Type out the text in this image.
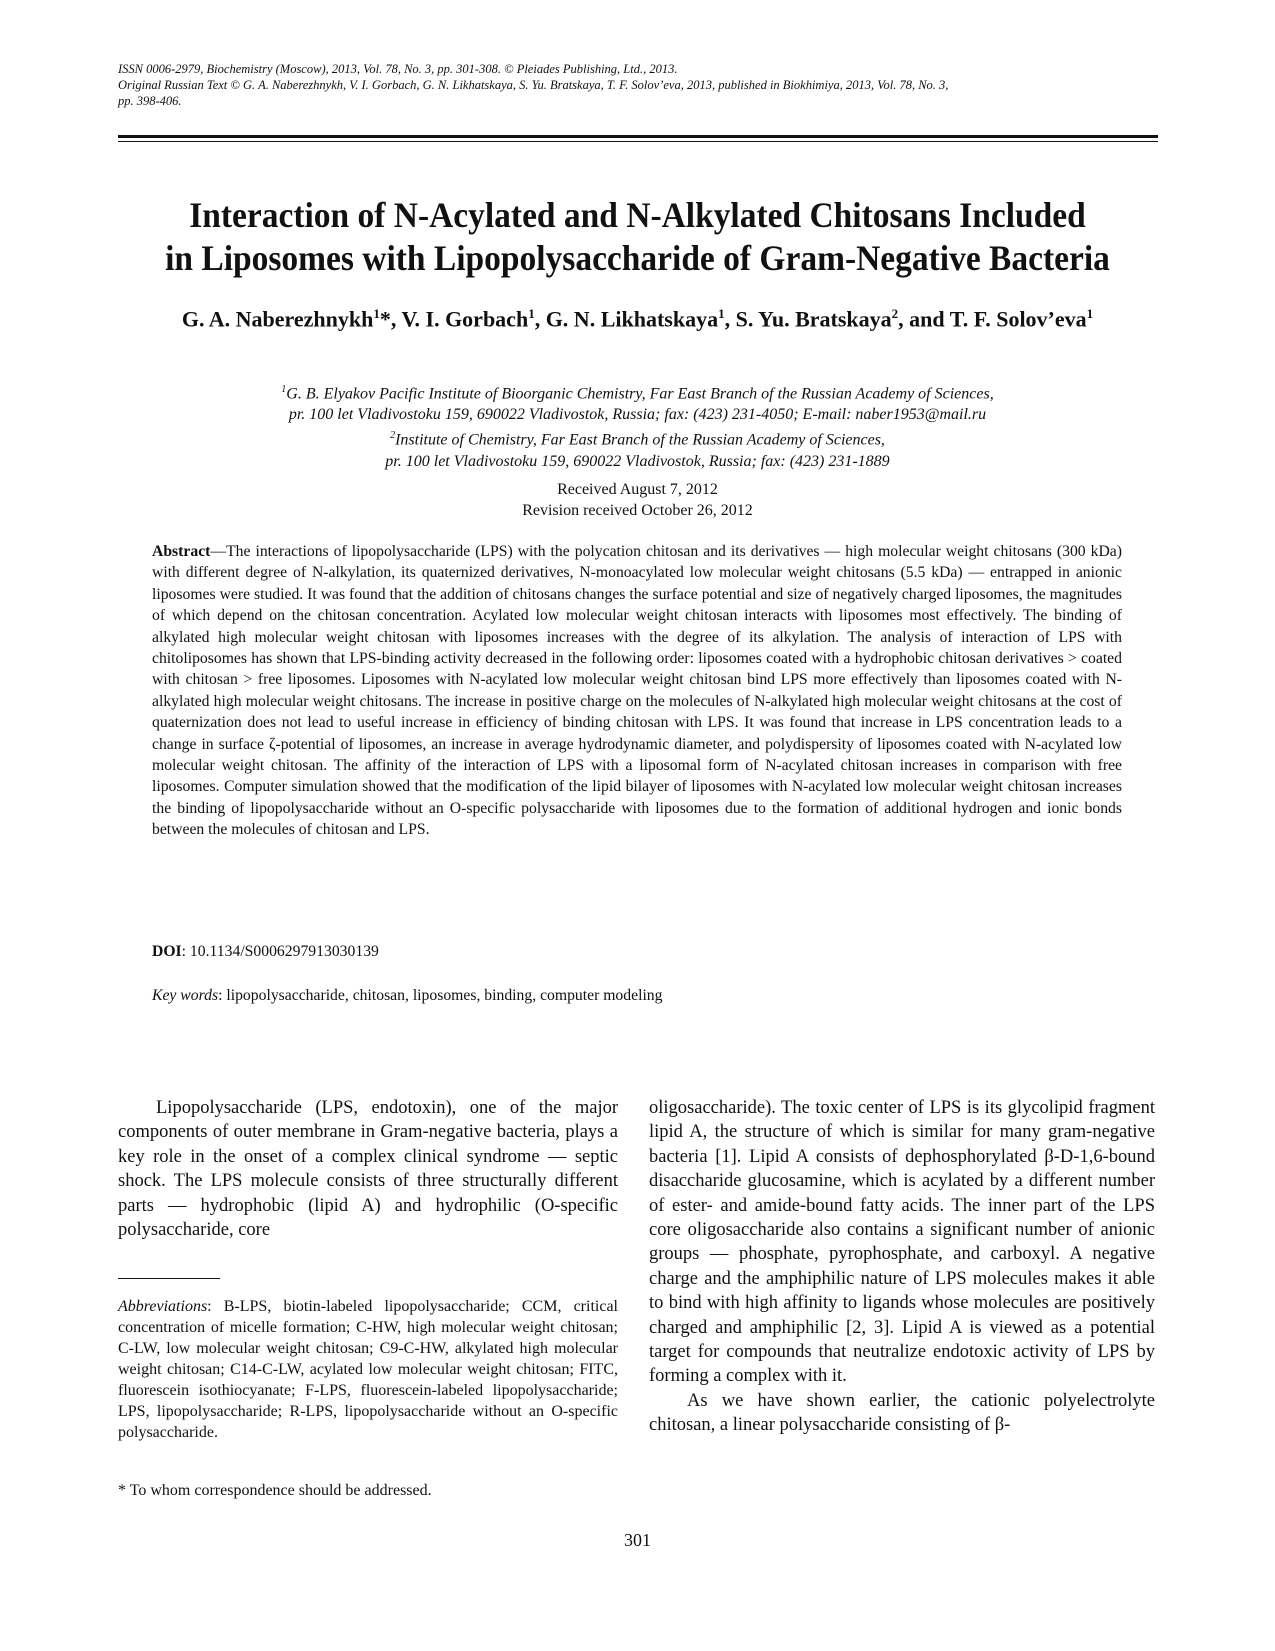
ISSN 0006-2979, Biochemistry (Moscow), 2013, Vol. 78, No. 3, pp. 301-308. © Pleiades Publishing, Ltd., 2013.
Original Russian Text © G. A. Naberezhnykh, V. I. Gorbach, G. N. Likhatskaya, S. Yu. Bratskaya, T. F. Solov’eva, 2013, published in Biokhimiya, 2013, Vol. 78, No. 3,
pp. 398-406.
Interaction of N-Acylated and N-Alkylated Chitosans Included
in Liposomes with Lipopolysaccharide of Gram-Negative Bacteria
G. A. Naberezhnykh$^1$*, V. I. Gorbach$^1$, G. N. Likhatskaya$^1$, S. Yu. Bratskaya$^2$, and T. F. Solov’eva$^1$
$^1$G. B. Elyakov Pacific Institute of Bioorganic Chemistry, Far East Branch of the Russian Academy of Sciences,
pr. 100 let Vladivostoku 159, 690022 Vladivostok, Russia; fax: (423) 231-4050; E-mail: naber1953@mail.ru
$^2$Institute of Chemistry, Far East Branch of the Russian Academy of Sciences,
pr. 100 let Vladivostoku 159, 690022 Vladivostok, Russia; fax: (423) 231-1889
Received August 7, 2012
Revision received October 26, 2012
Abstract—The interactions of lipopolysaccharide (LPS) with the polycation chitosan and its derivatives — high molecular weight chitosans (300 kDa) with different degree of N-alkylation, its quaternized derivatives, N-monoacylated low molecular weight chitosans (5.5 kDa) — entrapped in anionic liposomes were studied. It was found that the addition of chitosans changes the surface potential and size of negatively charged liposomes, the magnitudes of which depend on the chitosan concentration. Acylated low molecular weight chitosan interacts with liposomes most effectively. The binding of alkylated high molecular weight chitosan with liposomes increases with the degree of its alkylation. The analysis of interaction of LPS with chitoliposomes has shown that LPS-binding activity decreased in the following order: liposomes coated with a hydrophobic chitosan derivatives > coated with chitosan > free liposomes. Liposomes with N-acylated low molecular weight chitosan bind LPS more effectively than liposomes coated with N-alkylated high molecular weight chitosans. The increase in positive charge on the molecules of N-alkylated high molecular weight chitosans at the cost of quaternization does not lead to useful increase in efficiency of binding chitosan with LPS. It was found that increase in LPS concentration leads to a change in surface ζ-potential of liposomes, an increase in average hydrodynamic diameter, and polydispersity of liposomes coated with N-acylated low molecular weight chitosan. The affinity of the interaction of LPS with a liposomal form of N-acylated chitosan increases in comparison with free liposomes. Computer simulation showed that the modification of the lipid bilayer of liposomes with N-acylated low molecular weight chitosan increases the binding of lipopolysaccharide without an O-specific polysaccharide with liposomes due to the formation of additional hydrogen and ionic bonds between the molecules of chitosan and LPS.
DOI: 10.1134/S0006297913030139
Key words: lipopolysaccharide, chitosan, liposomes, binding, computer modeling

Lipopolysaccharide (LPS, endotoxin), one of the major components of outer membrane in Gram-negative bacteria, plays a key role in the onset of a complex clinical syndrome — septic shock. The LPS molecule consists of three structurally different parts — hydrophobic (lipid A) and hydrophilic (O-specific polysaccharide, core

oligosaccharide). The toxic center of LPS is its glycolipid fragment lipid A, the structure of which is similar for many gram-negative bacteria [1]. Lipid A consists of dephosphorylated β-D-1,6-bound disaccharide glucosamine, which is acylated by a different number of ester- and amide-bound fatty acids. The inner part of the LPS core oligosaccharide also contains a significant number of anionic groups — phosphate, pyrophosphate, and carboxyl. A negative charge and the amphiphilic nature of LPS molecules makes it able to bind with high affinity to ligands whose molecules are positively charged and amphiphilic [2, 3]. Lipid A is viewed as a potential target for compounds that neutralize endotoxic activity of LPS by forming a complex with it.

As we have shown earlier, the cationic polyelectrolyte chitosan, a linear polysaccharide consisting of β-

Abbreviations: B-LPS, biotin-labeled lipopolysaccharide; CCM, critical concentration of micelle formation; C-HW, high molecular weight chitosan; C-LW, low molecular weight chitosan; C9-C-HW, alkylated high molecular weight chitosan; C14-C-LW, acylated low molecular weight chitosan; FITC, fluorescein isothiocyanate; F-LPS, fluorescein-labeled lipopolysaccharide; LPS, lipopolysaccharide; R-LPS, lipopolysaccharide without an O-specific polysaccharide.
* To whom correspondence should be addressed.
301
